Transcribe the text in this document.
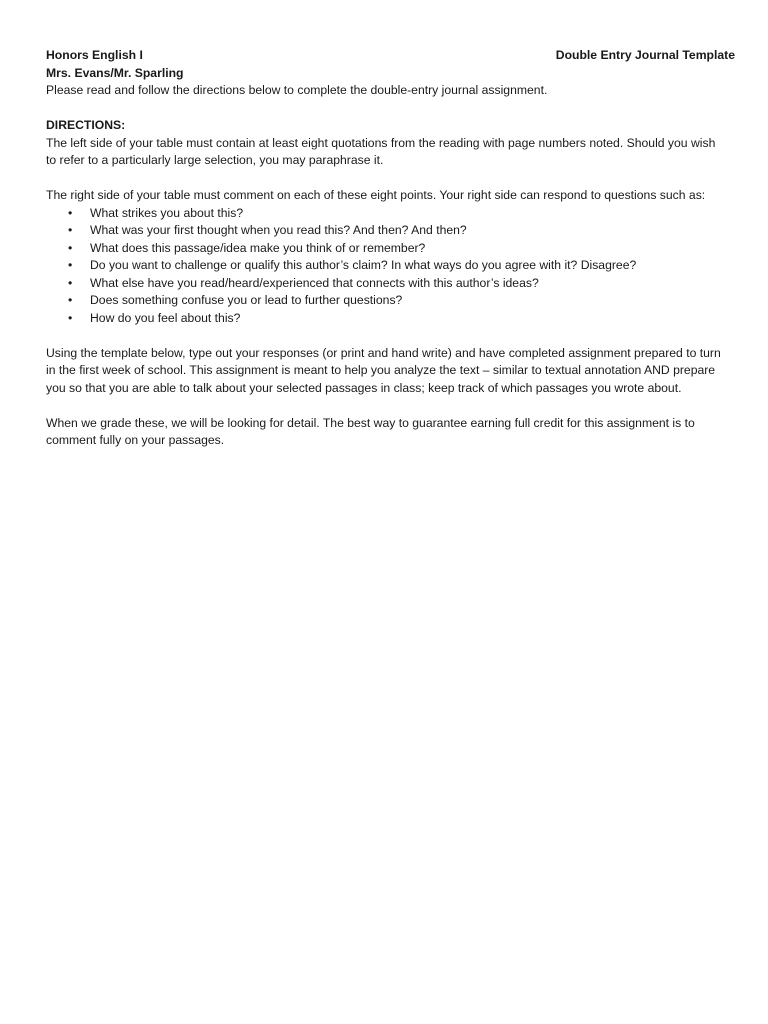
Honors English I	Double Entry Journal Template
Mrs. Evans/Mr. Sparling

Please read and follow the directions below to complete the double-entry journal assignment.

DIRECTIONS:

The left side of your table must contain at least eight quotations from the reading with page numbers noted. Should you wish to refer to a particularly large selection, you may paraphrase it.

The right side of your table must comment on each of these eight points. Your right side can respond to questions such as:

• What strikes you about this?
• What was your first thought when you read this? And then? And then?
• What does this passage/idea make you think of or remember?
• Do you want to challenge or qualify this author’s claim? In what ways do you agree with it? Disagree?
• What else have you read/heard/experienced that connects with this author’s ideas?
• Does something confuse you or lead to further questions?
• How do you feel about this?

Using the template below, type out your responses (or print and hand write) and have completed assignment prepared to turn in the first week of school. This assignment is meant to help you analyze the text – similar to textual annotation AND prepare you so that you are able to talk about your selected passages in class; keep track of which passages you wrote about.

When we grade these, we will be looking for detail. The best way to guarantee earning full credit for this assignment is to comment fully on your passages.
